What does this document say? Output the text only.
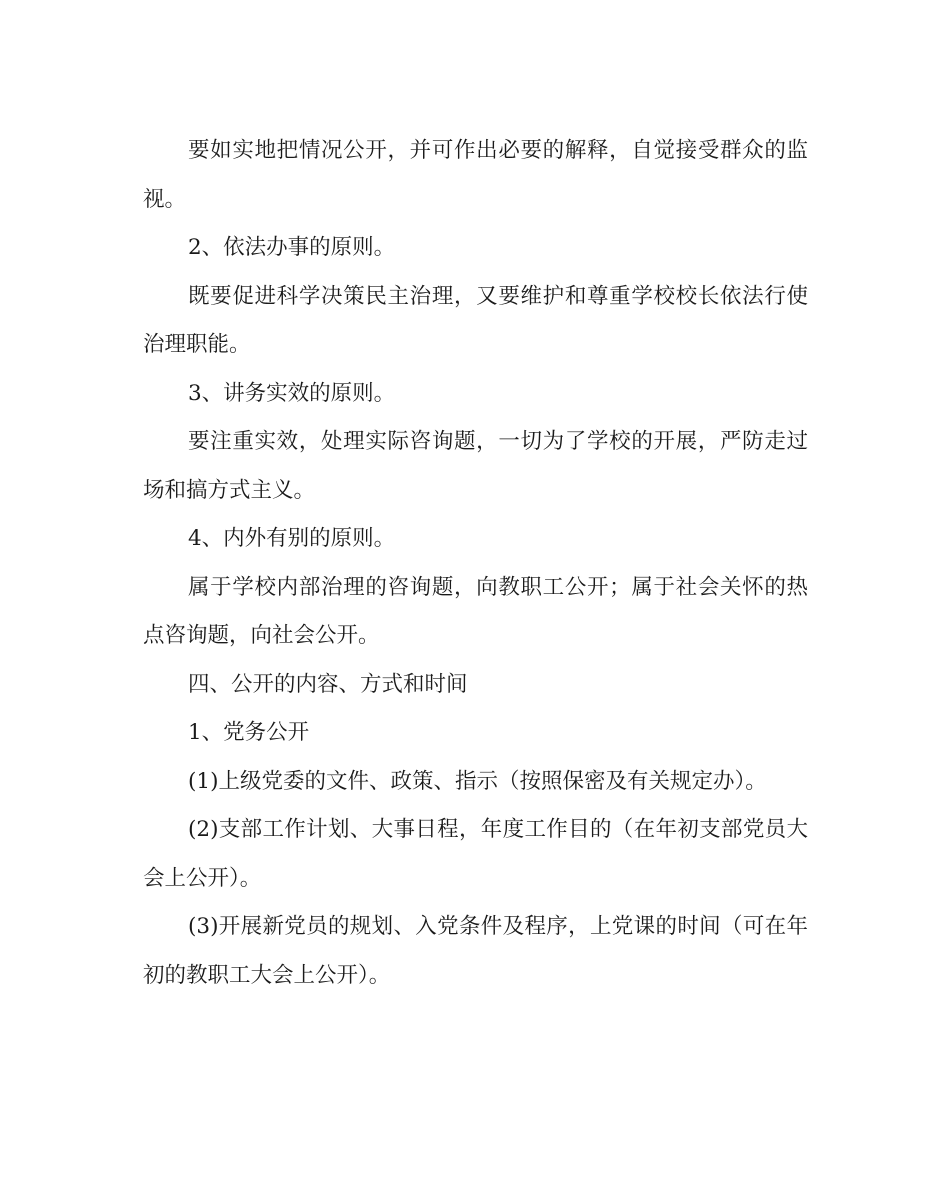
要如实地把情况公开，并可作出必要的解释，自觉接受群众的监视。

2、依法办事的原则。

既要促进科学决策民主治理，又要维护和尊重学校校长依法行使治理职能。

3、讲务实效的原则。

要注重实效，处理实际咨询题，一切为了学校的开展，严防走过场和搞方式主义。

4、内外有别的原则。

属于学校内部治理的咨询题，向教职工公开；属于社会关怀的热点咨询题，向社会公开。

四、公开的内容、方式和时间

1、党务公开

(1)上级党委的文件、政策、指示（按照保密及有关规定办）。

(2)支部工作计划、大事日程，年度工作目的（在年初支部党员大会上公开）。

(3)开展新党员的规划、入党条件及程序，上党课的时间（可在年初的教职工大会上公开）。
